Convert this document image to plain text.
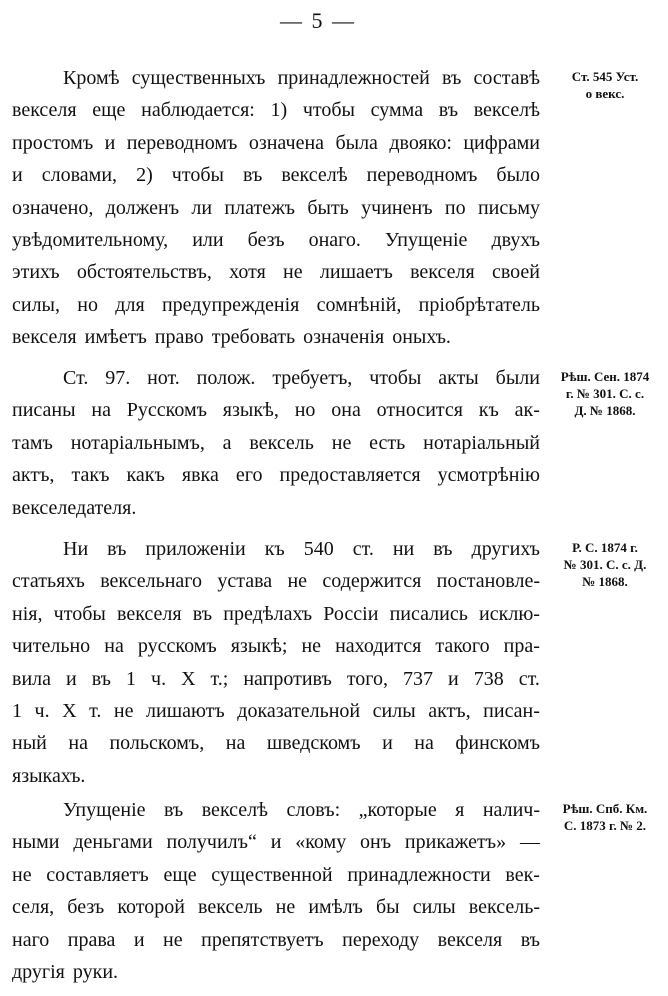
— 5 —
Кромѣ существенныхъ принадлежностей въ составѣ
векселя еще наблюдается: 1) чтобы сумма въ векселѣ
простомъ и переводномъ означена была двояко: цифрами
и словами, 2) чтобы въ векселѣ переводномъ было
означено, долженъ ли платежъ быть учиненъ по письму
увѣдомительному, или безъ онаго. Упущеніе двухъ
этихъ обстоятельствъ, хотя не лишаетъ векселя своей
силы, но для предупрежденія сомнѣній, пріобрѣтатель
векселя имѣетъ право требовать означенія оныхъ.
Ст. 545 Уст.
о векс.
Ст. 97. нот. полож. требуетъ, чтобы акты были
писаны на Русскомъ языкѣ, но она относится къ ак-
тамъ нотаріальнымъ, а вексель не есть нотаріальный
актъ, такъ какъ явка его предоставляется усмотрѣнію
векселедателя.
Рѣш. Сен. 1874
г. № 301. С. с.
Д. № 1868.
Ни въ приложеніи къ 540 ст. ни въ другихъ
статьяхъ вексельнаго устава не содержится постановле-
нія, чтобы векселя въ предѣлахъ Россіи писались исклю-
чительно на русскомъ языкѣ; не находится такого пра-
вила и въ 1 ч. X т.; напротивъ того, 737 и 738 ст.
1 ч. X т. не лишаютъ доказательной силы актъ, писан-
ный на польскомъ, на шведскомъ и на финскомъ
языкахъ.
Р. С. 1874 г.
№ 301. С. с. Д.
№ 1868.
Упущеніе въ векселѣ словъ: „которые я налич-
ными деньгами получилъ“ и «кому онъ прикажетъ» —
не составляетъ еще существенной принадлежности век-
селя, безъ которой вексель не имѣлъ бы силы вексель-
наго права и не препятствуетъ переходу векселя въ
другія руки.
Рѣш. Спб. Км.
С. 1873 г. № 2.
